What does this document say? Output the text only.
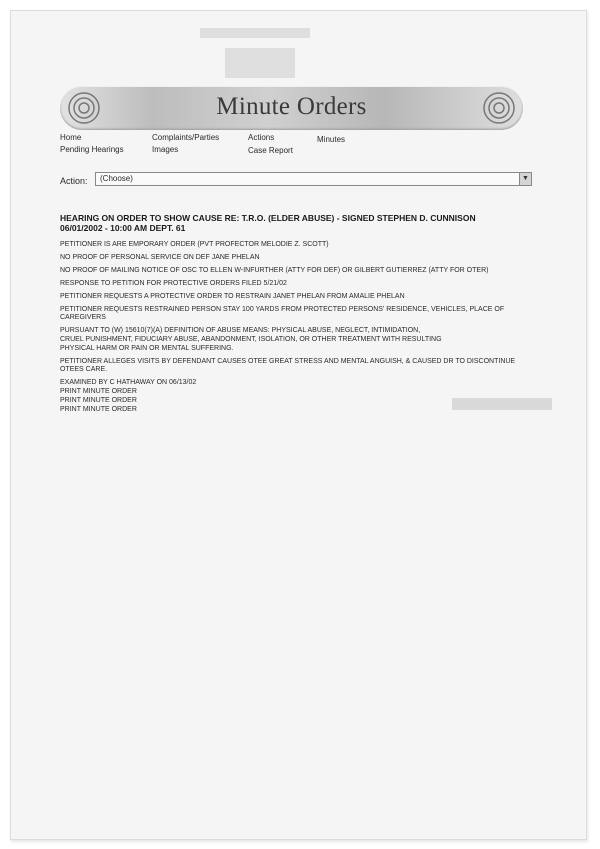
Minute Orders
Home	Complaints/Parties	Actions	Minutes
Pending Hearings	Images	Case Report
Action: (Choose)	▼
HEARING ON ORDER TO SHOW CAUSE RE: T.R.O. (ELDER ABUSE) - SIGNED STEPHEN D. CUNNISON
06/01/2002 - 10:00 AM DEPT. 61
PETITIONER IS ARE EMPORARY ORDER (PVT PROFECTOR MELODIE Z. SCOTT)
NO PROOF OF PERSONAL SERVICE ON DEF JANE PHELAN
NO PROOF OF MAILING NOTICE OF OSC TO ELLEN W-INFURTHER (ATTY FOR DEF) OR GILBERT GUTIERREZ (ATTY FOR OTER)
RESPONSE TO PETITION FOR PROTECTIVE ORDERS FILED 5/21/02
PETITIONER REQUESTS A PROTECTIVE ORDER TO RESTRAIN JANET PHELAN FROM AMALIE PHELAN
PETITIONER REQUESTS RESTRAINED PERSON STAY 100 YARDS FROM PROTECTED PERSONS' RESIDENCE, VEHICLES, PLACE OF CAREGIVERS
PURSUANT TO (W) 15610(7)(A) DEFINITION OF ABUSE MEANS: PHYSICAL ABUSE, NEGLECT, INTIMIDATION,
CRUEL PUNISHMENT, FIDUCIARY ABUSE, ABANDONMENT, ISOLATION, OR OTHER TREATMENT WITH RESULTING
PHYSICAL HARM OR PAIN OR MENTAL SUFFERING.
PETITIONER ALLEGES VISITS BY DEFENDANT CAUSES OTEE GREAT STRESS AND MENTAL ANGUISH, & CAUSED DR TO DISCONTINUE OTEES CARE.
EXAMINED BY C HATHAWAY ON 06/13/02
PRINT MINUTE ORDER
PRINT MINUTE ORDER
PRINT MINUTE ORDER
